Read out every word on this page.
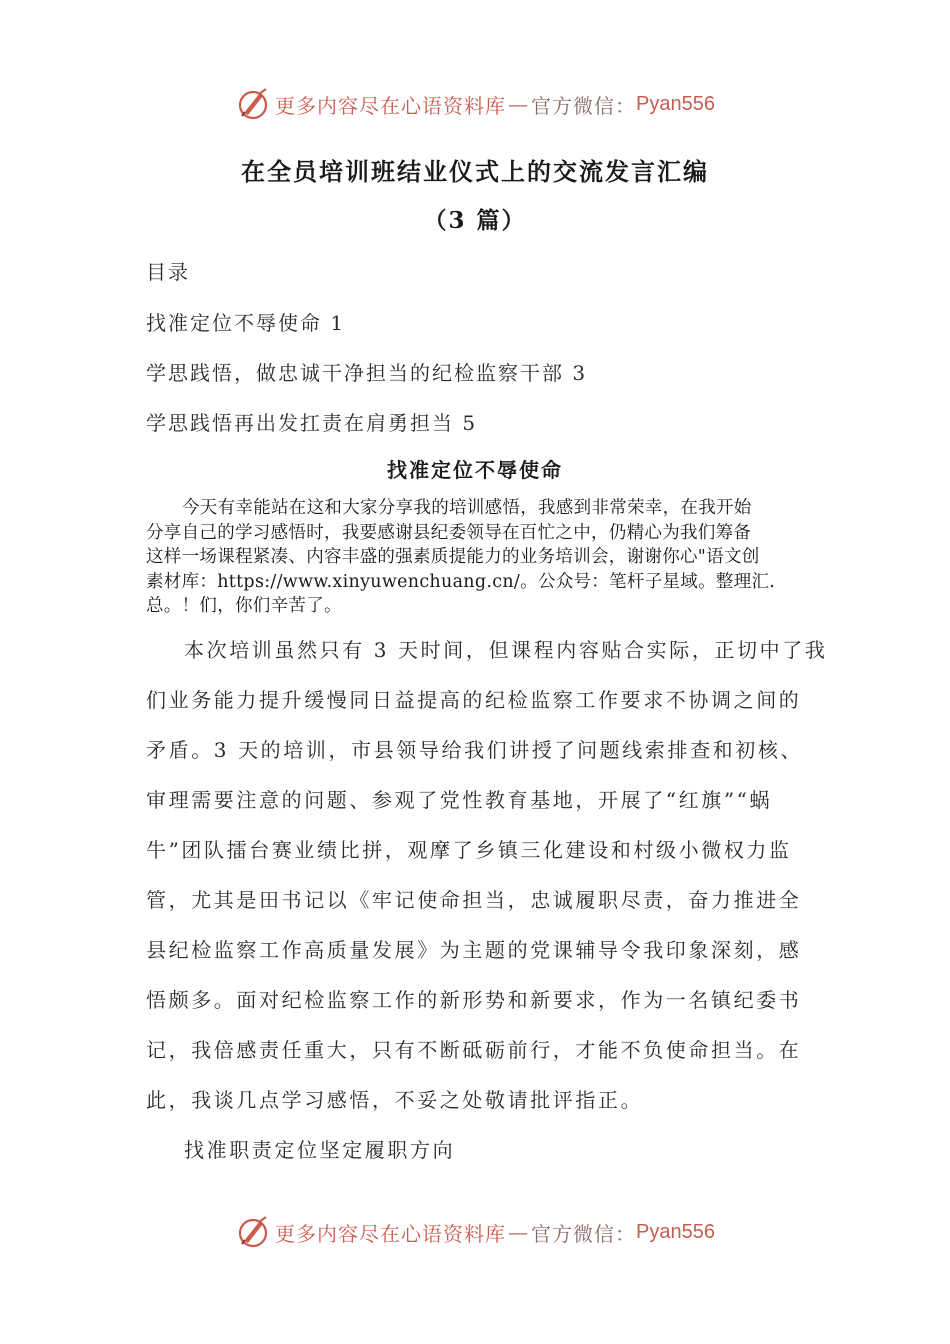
更多内容尽在心语资料库 — 官方微信： Pyan556
在全员培训班结业仪式上的交流发言汇编
（3 篇）
目录
找准定位不辱使命 1
学思践悟，做忠诚干净担当的纪检监察干部 3
学思践悟再出发扛责在肩勇担当 5
找准定位不辱使命

今天有幸能站在这和大家分享我的培训感悟，我感到非常荣幸，在我开始

分享自己的学习感悟时，我要感谢县纪委领导在百忙之中，仍精心为我们筹备

这样一场课程紧凑、内容丰盛的强素质提能力的业务培训会，谢谢你心"语文创

素材库：https://www.xinyuwenchuang.cn/。公众号：笔杆子星域。整理汇.

总。！们，你们辛苦了。

本次培训虽然只有 3 天时间，但课程内容贴合实际，正切中了我
们业务能力提升缓慢同日益提高的纪检监察工作要求不协调之间的
矛盾。3 天的培训，市县领导给我们讲授了问题线索排查和初核、
审理需要注意的问题、参观了党性教育基地，开展了“红旗”“蜗
牛”团队擂台赛业绩比拼，观摩了乡镇三化建设和村级小微权力监
管，尤其是田书记以《牢记使命担当，忠诚履职尽责，奋力推进全
县纪检监察工作高质量发展》为主题的党课辅导令我印象深刻，感
悟颇多。面对纪检监察工作的新形势和新要求，作为一名镇纪委书
记，我倍感责任重大，只有不断砥砺前行，才能不负使命担当。在
此，我谈几点学习感悟，不妥之处敬请批评指正。
找准职责定位坚定履职方向
更多内容尽在心语资料库 — 官方微信： Pyan556
